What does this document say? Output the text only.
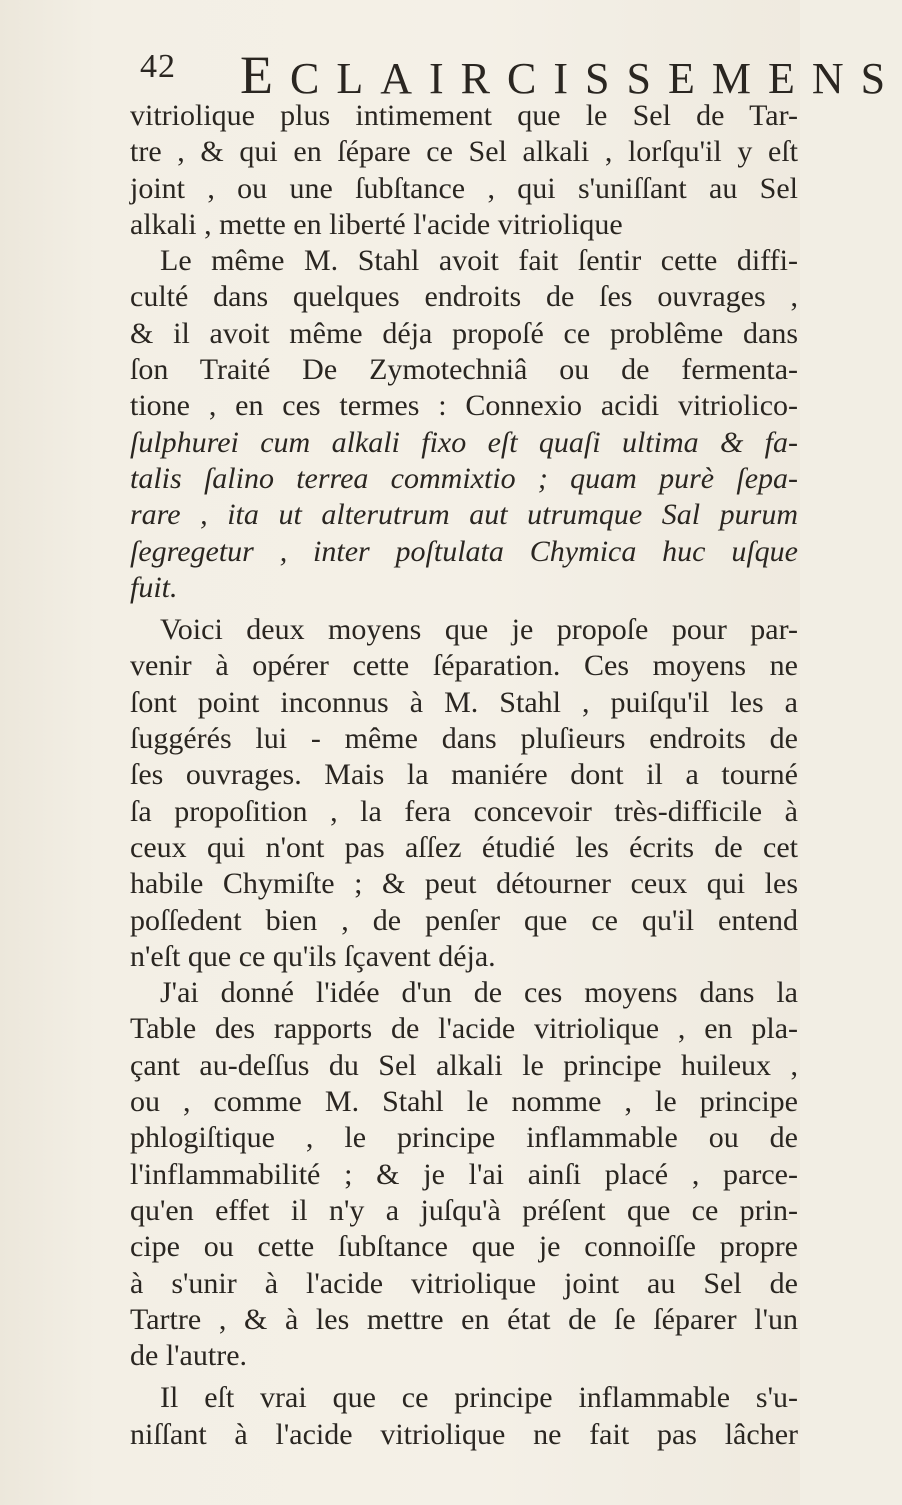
42 ECLAIRCISSEMENS
vitriolique plus intimement que le Sel de Tar-
tre , & qui en ſépare ce Sel alkali , lorſqu'il y eſt
joint , ou une ſubſtance , qui s'uniſſant au Sel
alkali , mette en liberté l'acide vitriolique
Le même M. Stahl avoit fait ſentir cette diffi-
culté dans quelques endroits de ſes ouvrages ,
& il avoit même déja propoſé ce problême dans
ſon Traité De Zymotechniâ ou de fermenta-
tione , en ces termes : Connexio acidi vitriolico-
ſulphurei cum alkali fixo eſt quaſi ultima & fa-
talis ſalino terrea commixtio ; quam purè ſepa-
rare , ita ut alterutrum aut utrumque Sal purum
ſegregetur , inter poſtulata Chymica huc uſque
fuit.
Voici deux moyens que je propoſe pour par-
venir à opérer cette ſéparation. Ces moyens ne
ſont point inconnus à M. Stahl , puiſqu'il les a
ſuggérés lui - même dans pluſieurs endroits de
ſes ouvrages. Mais la maniére dont il a tourné
ſa propoſition , la fera concevoir très-difficile à
ceux qui n'ont pas aſſez étudié les écrits de cet
habile Chymiſte ; & peut détourner ceux qui les
poſſedent bien , de penſer que ce qu'il entend
n'eſt que ce qu'ils ſçavent déja.
J'ai donné l'idée d'un de ces moyens dans la
Table des rapports de l'acide vitriolique , en pla-
çant au-deſſus du Sel alkali le principe huileux ,
ou , comme M. Stahl le nomme , le principe
phlogiſtique , le principe inflammable ou de
l'inflammabilité ; & je l'ai ainſi placé , parce-
qu'en effet il n'y a juſqu'à préſent que ce prin-
cipe ou cette ſubſtance que je connoiſſe propre
à s'unir à l'acide vitriolique joint au Sel de
Tartre , & à les mettre en état de ſe ſéparer l'un
de l'autre.
Il eſt vrai que ce principe inflammable s'u-
niſſant à l'acide vitriolique ne fait pas lâcher
